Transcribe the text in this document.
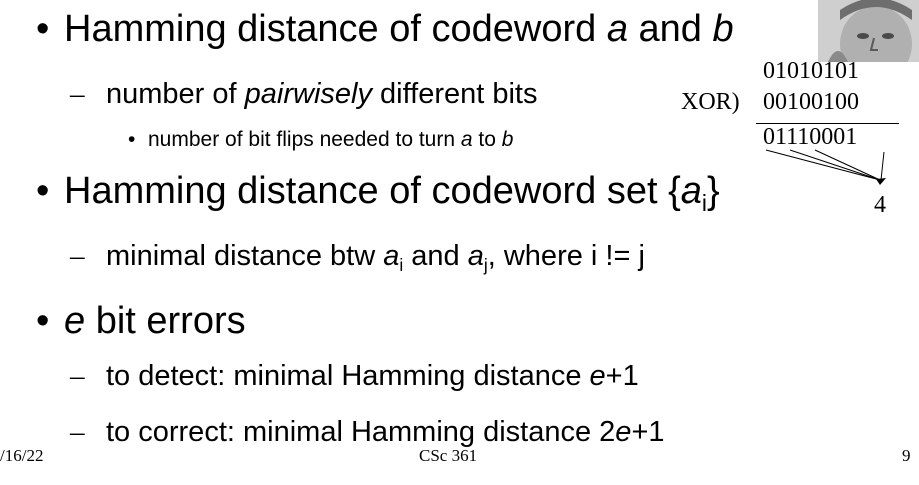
• Hamming distance of codeword a and b
– number of pairwisely different bits
• number of bit flips needed to turn a to b
• Hamming distance of codeword set $\{a_i\}$
– minimal distance btw $a_i$ and $a_j$, where i != j
• e bit errors
– to detect: minimal Hamming distance e+1
– to correct: minimal Hamming distance 2e+1
01010101
XOR) 00100100
01110001
4
/16/22	CSc 361	9
